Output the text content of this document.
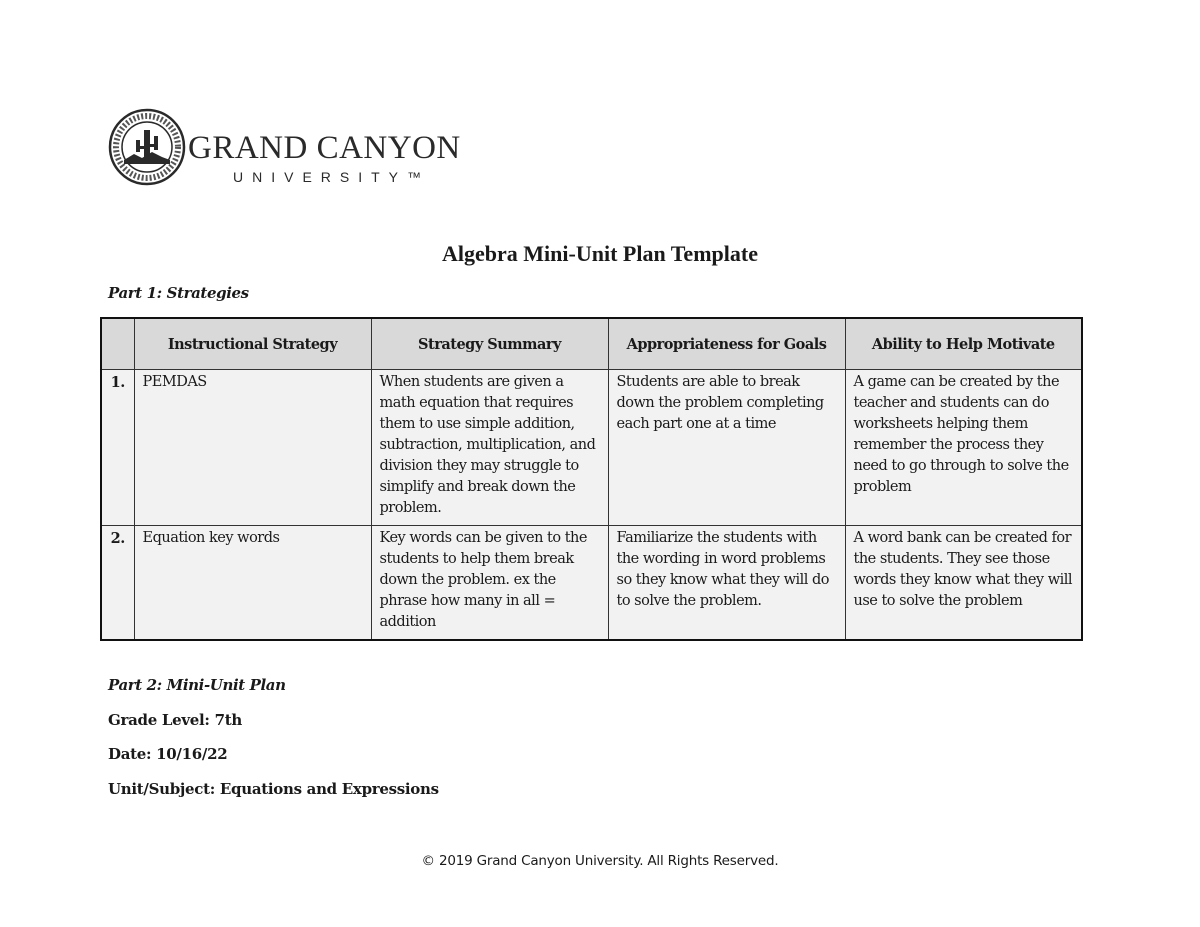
GRAND CANYON
UNIVERSITY™
Algebra Mini-Unit Plan Template

Part 1: Strategies

	Instructional Strategy	Strategy Summary	Appropriateness for Goals	Ability to Help Motivate
1.	PEMDAS	When students are given a math equation that requires them to use simple addition, subtraction, multiplication, and division they may struggle to simplify and break down the problem.	Students are able to break down the problem completing each part one at a time	A game can be created by the teacher and students can do worksheets helping them remember the process they need to go through to solve the problem
2.	Equation key words	Key words can be given to the students to help them break down the problem. ex the phrase how many in all = addition	Familiarize the students with the wording in word problems so they know what they will do to solve the problem.	A word bank can be created for the students. They see those words they know what they will use to solve the problem

Part 2: Mini-Unit Plan

Grade Level: 7th

Date: 10/16/22

Unit/Subject: Equations and Expressions

© 2019 Grand Canyon University. All Rights Reserved.
